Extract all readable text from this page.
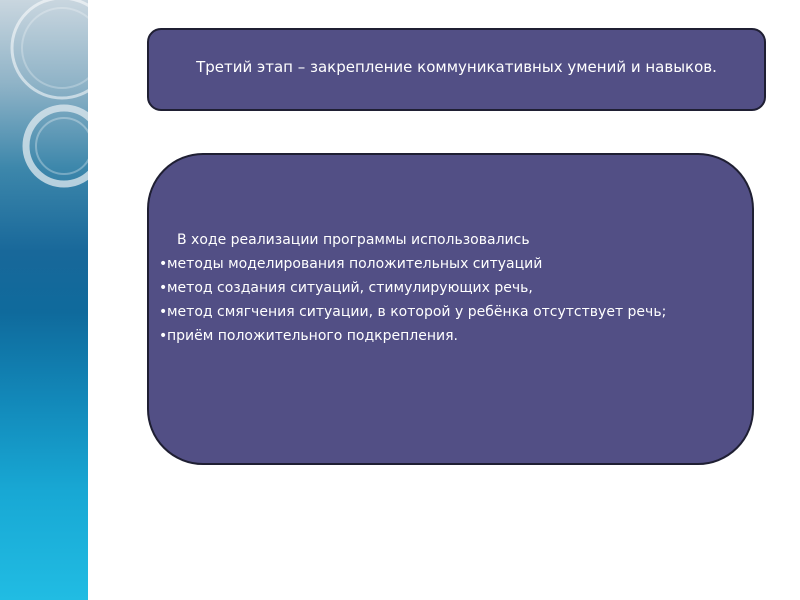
Третий этап – закрепление коммуникативных умений и навыков.
В ходе реализации программы использовались
• методы моделирования положительных ситуаций
• метод создания ситуаций, стимулирующих речь,
• метод смягчения ситуации, в которой у ребёнка отсутствует речь;
• приём положительного подкрепления.
